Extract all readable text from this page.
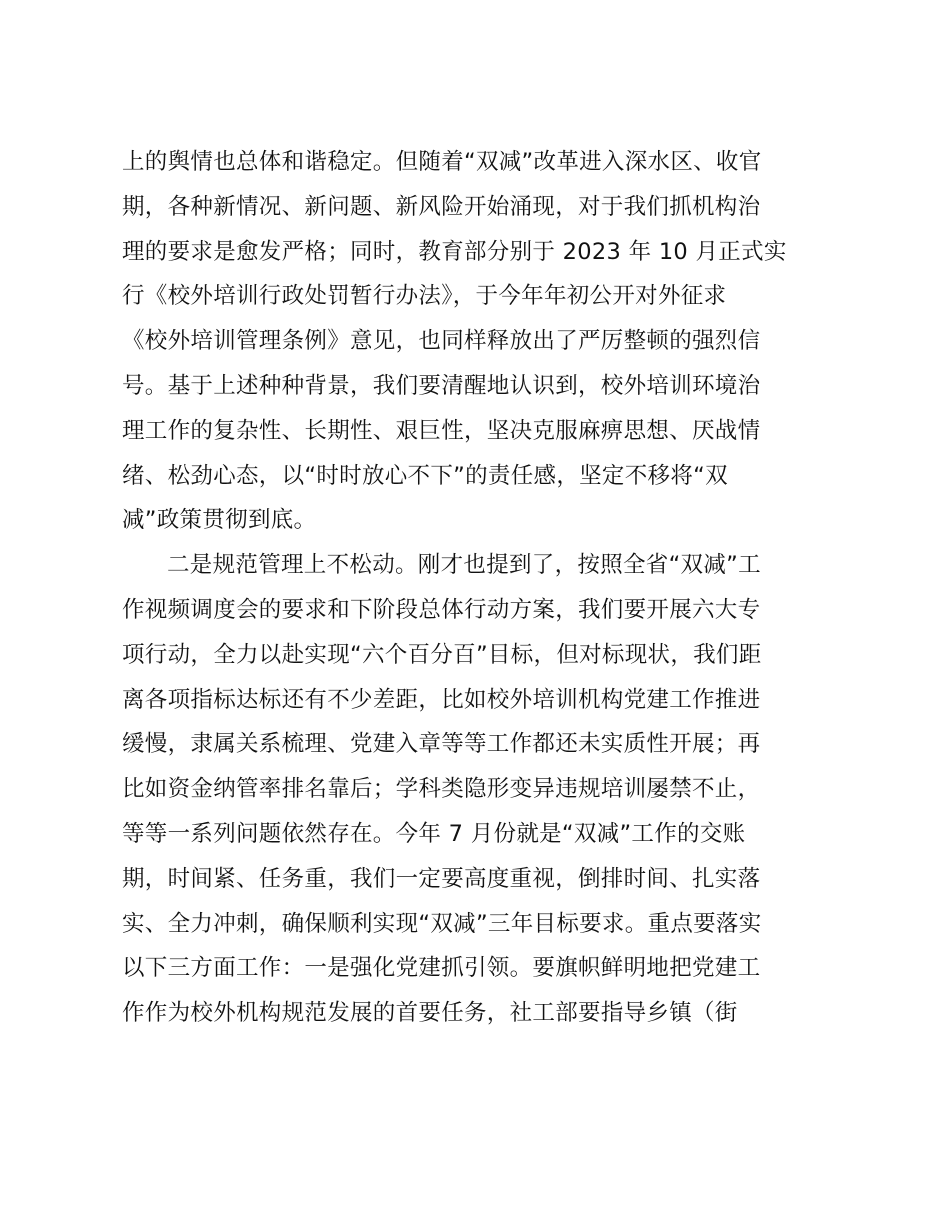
上的舆情也总体和谐稳定。但随着“双减”改革进入深水区、收官
期，各种新情况、新问题、新风险开始涌现，对于我们抓机构治
理的要求是愈发严格；同时，教育部分别于 2023 年 10 月正式实
行《校外培训行政处罚暂行办法》，于今年年初公开对外征求
《校外培训管理条例》意见，也同样释放出了严厉整顿的强烈信
号。基于上述种种背景，我们要清醒地认识到，校外培训环境治
理工作的复杂性、长期性、艰巨性，坚决克服麻痹思想、厌战情
绪、松劲心态，以“时时放心不下”的责任感，坚定不移将“双
减”政策贯彻到底。
二是规范管理上不松动。刚才也提到了，按照全省“双减”工
作视频调度会的要求和下阶段总体行动方案，我们要开展六大专
项行动，全力以赴实现“六个百分百”目标，但对标现状，我们距
离各项指标达标还有不少差距，比如校外培训机构党建工作推进
缓慢，隶属关系梳理、党建入章等等工作都还未实质性开展；再
比如资金纳管率排名靠后；学科类隐形变异违规培训屡禁不止，
等等一系列问题依然存在。今年 7 月份就是“双减”工作的交账
期，时间紧、任务重，我们一定要高度重视，倒排时间、扎实落
实、全力冲刺，确保顺利实现“双减”三年目标要求。重点要落实
以下三方面工作：一是强化党建抓引领。要旗帜鲜明地把党建工
作作为校外机构规范发展的首要任务，社工部要指导乡镇（街
